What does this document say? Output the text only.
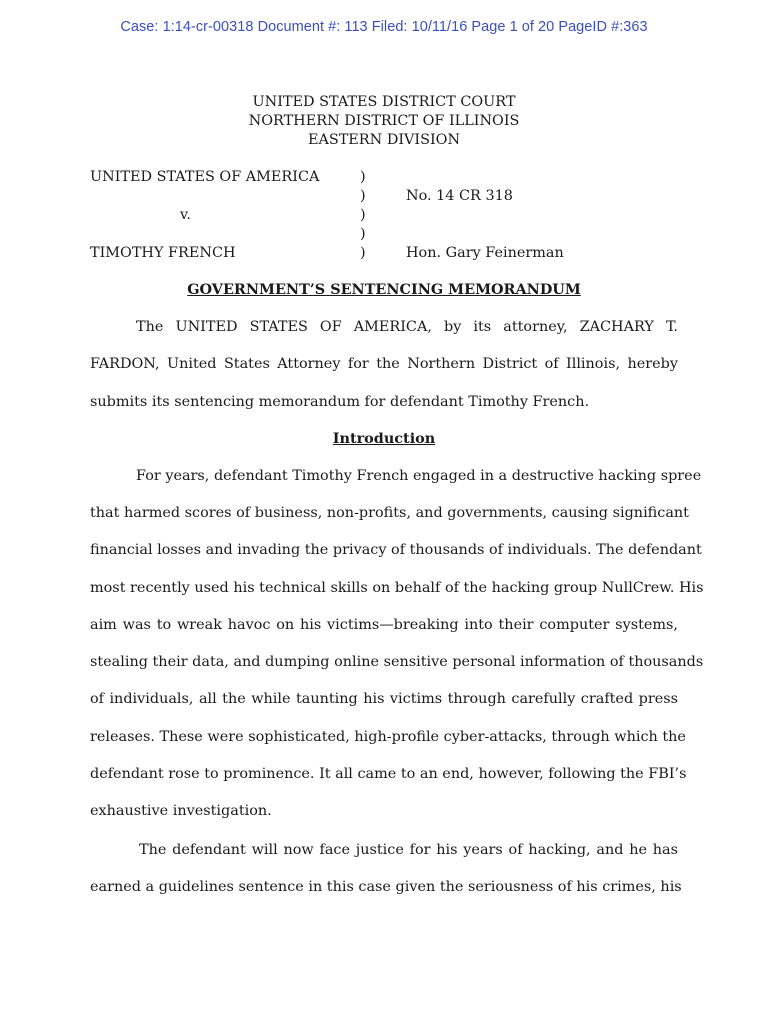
Case: 1:14-cr-00318 Document #: 113 Filed: 10/11/16 Page 1 of 20 PageID #:363
UNITED STATES DISTRICT COURT
NORTHERN DISTRICT OF ILLINOIS
EASTERN DIVISION
UNITED STATES OF AMERICA	)
)	No. 14 CR 318
v.	)
)
TIMOTHY FRENCH	)	Hon. Gary Feinerman
GOVERNMENT’S SENTENCING MEMORANDUM
The UNITED STATES OF AMERICA, by its attorney, ZACHARY T.
FARDON, United States Attorney for the Northern District of Illinois, hereby
submits its sentencing memorandum for defendant Timothy French.
Introduction
For years, defendant Timothy French engaged in a destructive hacking spree
that harmed scores of business, non-profits, and governments, causing significant
financial losses and invading the privacy of thousands of individuals. The defendant
most recently used his technical skills on behalf of the hacking group NullCrew. His
aim was to wreak havoc on his victims—breaking into their computer systems,
stealing their data, and dumping online sensitive personal information of thousands
of individuals, all the while taunting his victims through carefully crafted press
releases. These were sophisticated, high-profile cyber-attacks, through which the
defendant rose to prominence. It all came to an end, however, following the FBI’s
exhaustive investigation.
The defendant will now face justice for his years of hacking, and he has
earned a guidelines sentence in this case given the seriousness of his crimes, his
